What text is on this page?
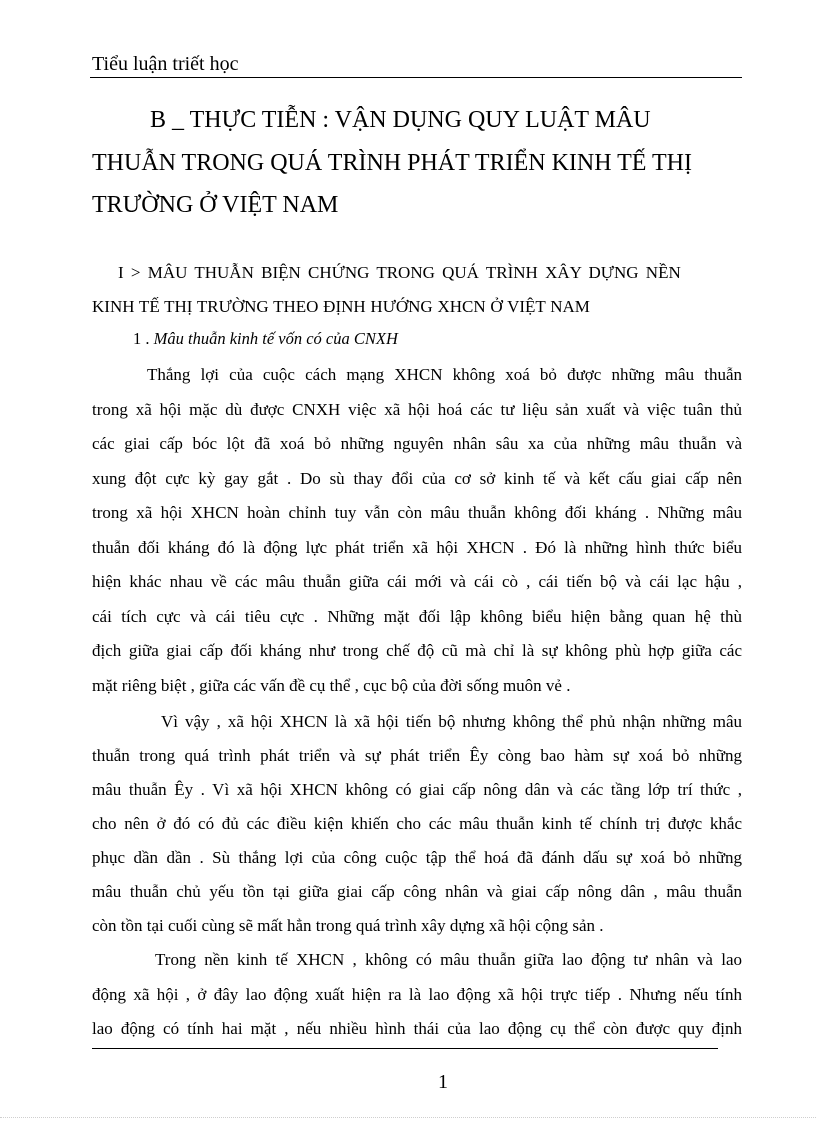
Tiểu luận triết học
B _ THỰC TIỄN : VẬN DỤNG QUY LUẬT MÂU
THUẪN TRONG QUÁ TRÌNH PHÁT TRIỂN KINH TẾ THỊ
TRƯỜNG Ở VIỆT NAM
I > MÂU THUẪN BIỆN CHỨNG TRONG QUÁ TRÌNH XÂY DỰNG NỀN
KINH TẾ THỊ TRƯỜNG THEO ĐỊNH HƯỚNG XHCN Ở VIỆT NAM
1 . Mâu thuẫn kinh tế vốn có của CNXH
Thắng lợi của cuộc cách mạng XHCN không xoá bỏ được những mâu thuẫn
trong xã hội mặc dù được CNXH việc xã hội hoá các tư liệu sản xuất và việc tuân thủ
các giai cấp bóc lột đã xoá bỏ những nguyên nhân sâu xa của những mâu thuẫn và
xung đột cực kỳ gay gắt . Do sù thay đổi của cơ sở kinh tế và kết cấu giai cấp nên
trong xã hội XHCN hoàn chỉnh tuy vẫn còn mâu thuẫn không đối kháng . Những mâu
thuẫn đối kháng đó là động lực phát triển xã hội XHCN . Đó là những hình thức biểu
hiện khác nhau về các mâu thuẫn giữa cái mới và cái cò , cái tiến bộ và cái lạc hậu ,
cái tích cực và cái tiêu cực . Những mặt đối lập không biểu hiện bằng quan hệ thù
địch giữa giai cấp đối kháng như trong chế độ cũ mà chỉ là sự không phù hợp giữa các
mặt riêng biệt , giữa các vấn đề cụ thể , cục bộ của đời sống muôn vẻ .
Vì vậy , xã hội XHCN là xã hội tiến bộ nhưng không thể phủ nhận những mâu
thuẫn trong quá trình phát triển và sự phát triển Êy còng bao hàm sự xoá bỏ những
mâu thuẫn Êy . Vì xã hội XHCN không có giai cấp nông dân và các tầng lớp trí thức ,
cho nên ở đó có đủ các điều kiện khiến cho các mâu thuẫn kinh tế chính trị được khắc
phục dần dần . Sù thắng lợi của công cuộc tập thể hoá đã đánh dấu sự xoá bỏ những
mâu thuẫn chủ yếu tồn tại giữa giai cấp công nhân và giai cấp nông dân , mâu thuẫn
còn tồn tại cuối cùng sẽ mất hẳn trong quá trình xây dựng xã hội cộng sản .
Trong nền kinh tế XHCN , không có mâu thuẫn giữa lao động tư nhân và lao
động xã hội , ở đây lao động xuất hiện ra là lao động xã hội trực tiếp . Nhưng nếu tính
lao động có tính hai mặt , nếu nhiều hình thái của lao động cụ thể còn được quy định
1
